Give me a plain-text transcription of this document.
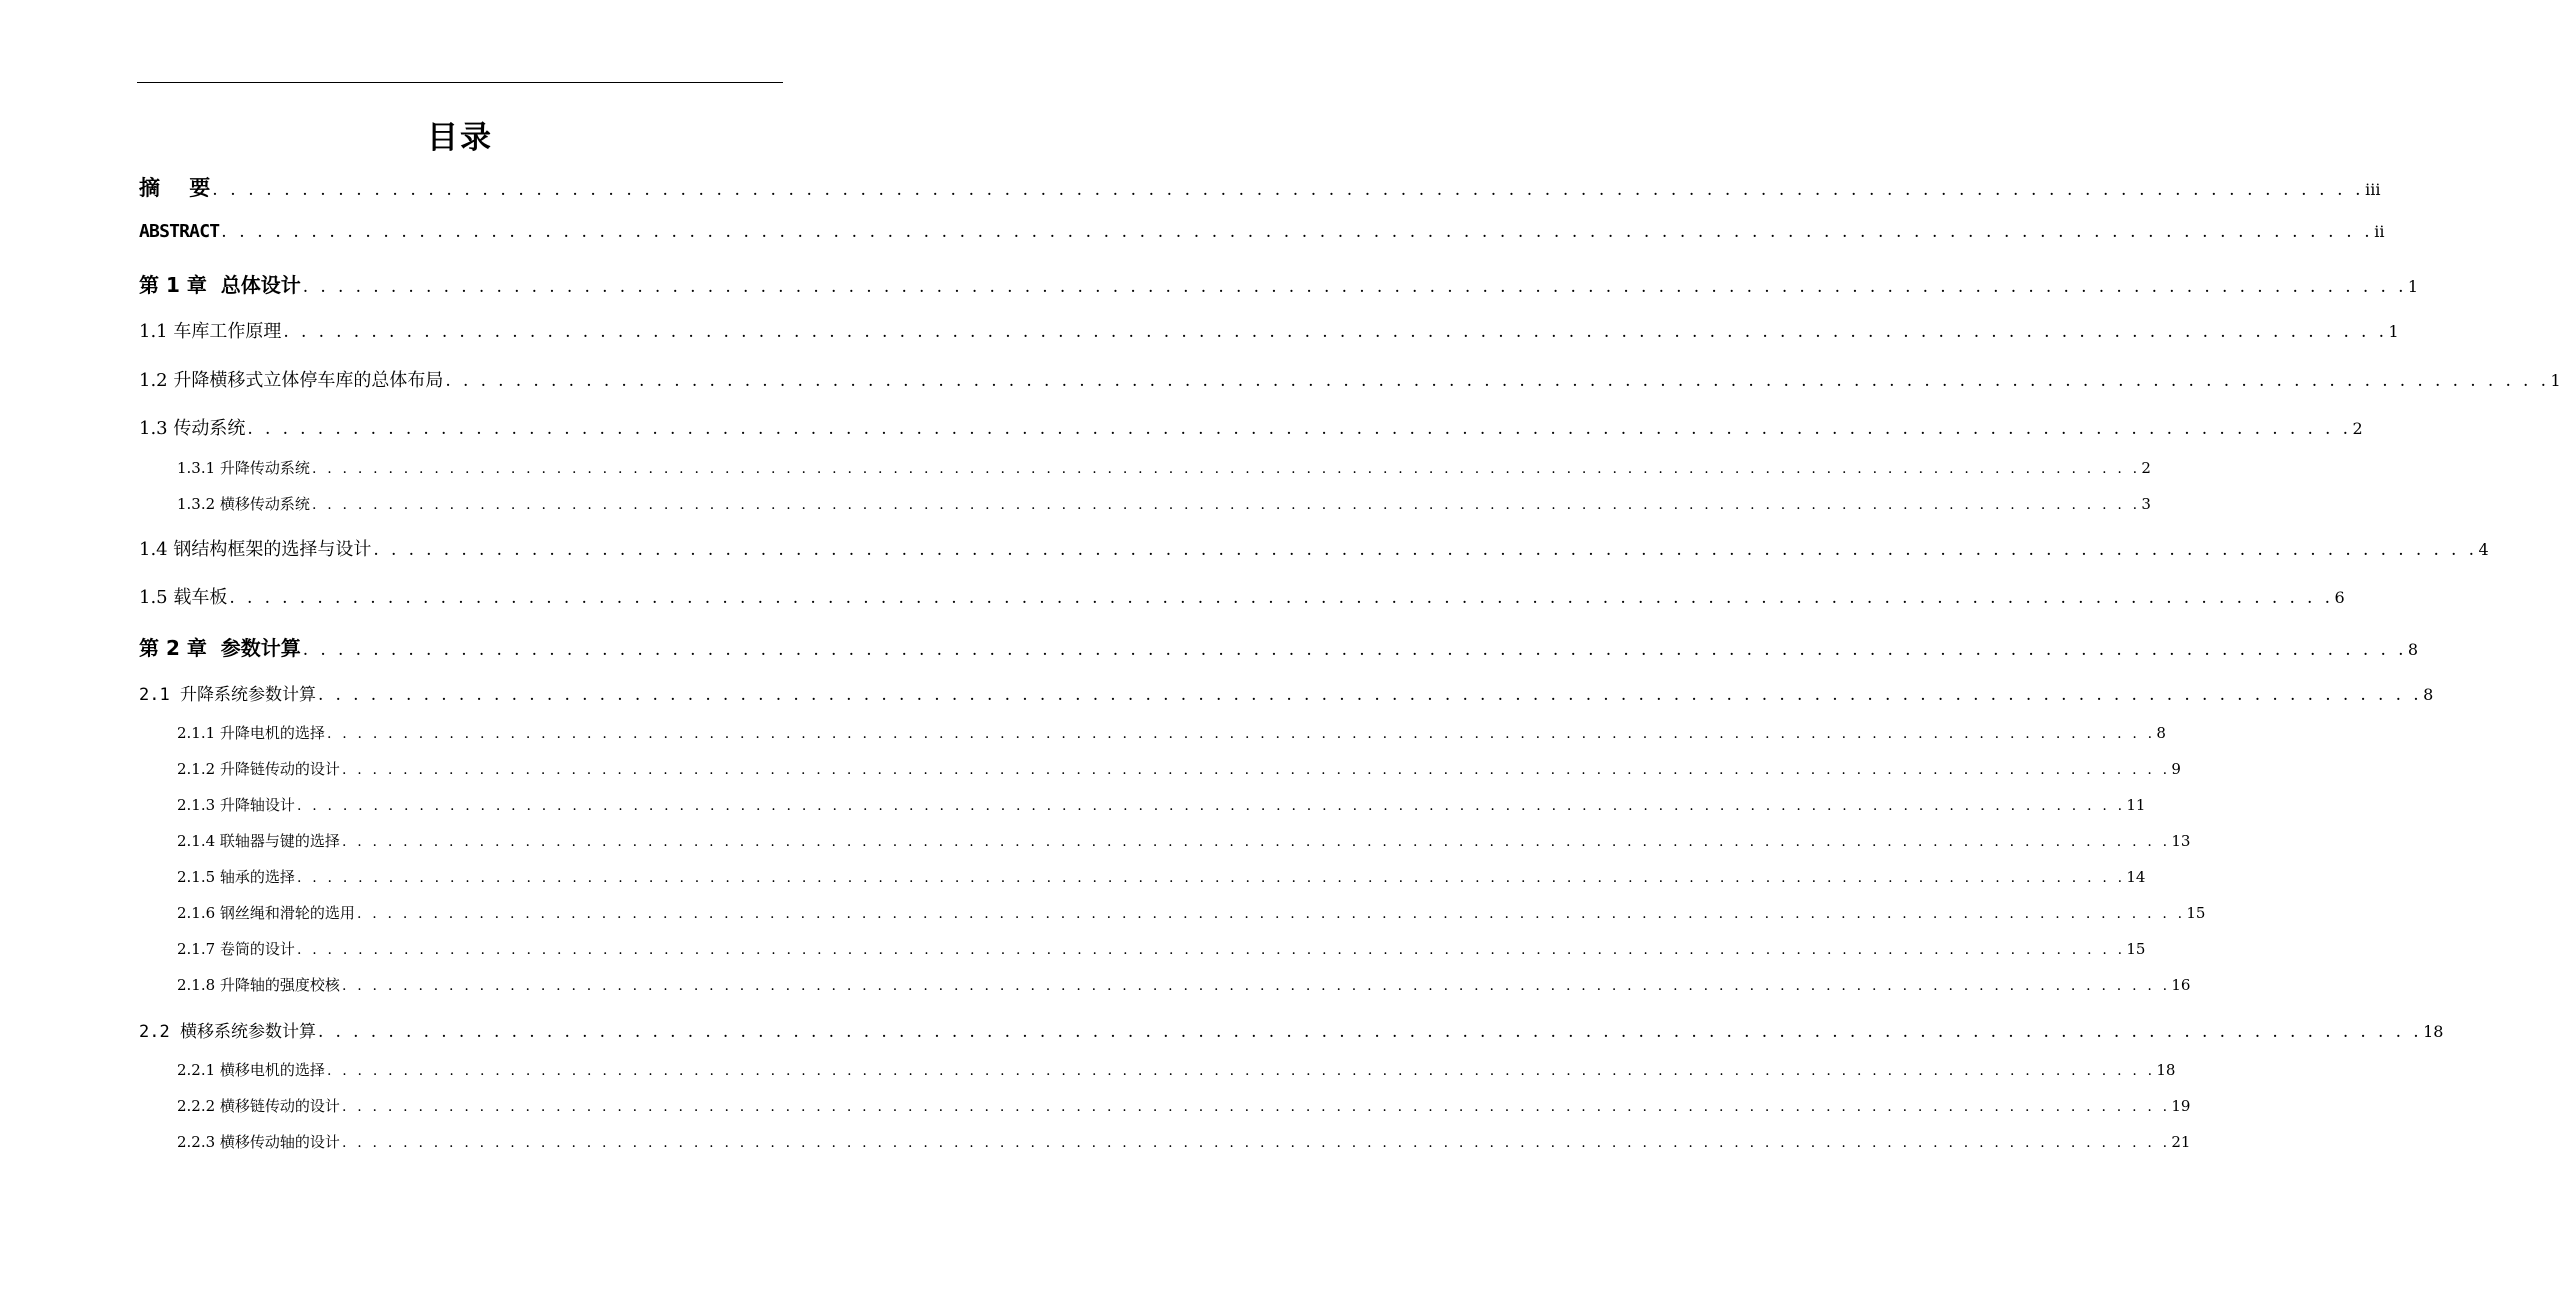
目录
摘    要 . . . . . . . . . . . . . . . . . . . . . . . . . . . . . . . . . . . . . . . . . . . . . . . . . . . . . . . . . . . . . . . . . . . . . . . . . . . . . . . . . . . . . . . . . . . . . . . . . . . . . . . . . . . . . . . . . . . . . . . . iii
ABSTRACT . . . . . . . . . . . . . . . . . . . . . . . . . . . . . . . . . . . . . . . . . . . . . . . . . . . . . . . . . . . . . . . . . . . . . . . . . . . . . . . . . . . . . . . . . . . . . . . . . . . . . . . . . . . . . . . . . . . . . . . . ii
第 1 章  总体设计 . . . . . . . . . . . . . . . . . . . . . . . . . . . . . . . . . . . . . . . . . . . . . . . . . . . . . . . . . . . . . . . . . . . . . . . . . . . . . . . . . . . . . . . . . . . . . . . . . . . . . . . . . . . . . . . . . . . . . . . . 1
1.1 车库工作原理 . . . . . . . . . . . . . . . . . . . . . . . . . . . . . . . . . . . . . . . . . . . . . . . . . . . . . . . . . . . . . . . . . . . . . . . . . . . . . . . . . . . . . . . . . . . . . . . . . . . . . . . . . . . . . . . . . . . . . . . . 1
1.2 升降横移式立体停车库的总体布局 . . . . . . . . . . . . . . . . . . . . . . . . . . . . . . . . . . . . . . . . . . . . . . . . . . . . . . . . . . . . . . . . . . . . . . . . . . . . . . . . . . . . . . . . . . . . . . . . . . . . . . . . . . . . . . . . . . . . . . . . 1
1.3 传动系统 . . . . . . . . . . . . . . . . . . . . . . . . . . . . . . . . . . . . . . . . . . . . . . . . . . . . . . . . . . . . . . . . . . . . . . . . . . . . . . . . . . . . . . . . . . . . . . . . . . . . . . . . . . . . . . . . . . . . . . . . 2
1.3.1 升降传动系统 . . . . . . . . . . . . . . . . . . . . . . . . . . . . . . . . . . . . . . . . . . . . . . . . . . . . . . . . . . . . . . . . . . . . . . . . . . . . . . . . . . . . . . . . . . . . . . . . . . . . . . . . . . . . . . . . . . . . . . . . 2
1.3.2 横移传动系统 . . . . . . . . . . . . . . . . . . . . . . . . . . . . . . . . . . . . . . . . . . . . . . . . . . . . . . . . . . . . . . . . . . . . . . . . . . . . . . . . . . . . . . . . . . . . . . . . . . . . . . . . . . . . . . . . . . . . . . . . 3
1.4 钢结构框架的选择与设计 . . . . . . . . . . . . . . . . . . . . . . . . . . . . . . . . . . . . . . . . . . . . . . . . . . . . . . . . . . . . . . . . . . . . . . . . . . . . . . . . . . . . . . . . . . . . . . . . . . . . . . . . . . . . . . . . . . . . . . . . 4
1.5 载车板 . . . . . . . . . . . . . . . . . . . . . . . . . . . . . . . . . . . . . . . . . . . . . . . . . . . . . . . . . . . . . . . . . . . . . . . . . . . . . . . . . . . . . . . . . . . . . . . . . . . . . . . . . . . . . . . . . . . . . . . . 6
第 2 章  参数计算 . . . . . . . . . . . . . . . . . . . . . . . . . . . . . . . . . . . . . . . . . . . . . . . . . . . . . . . . . . . . . . . . . . . . . . . . . . . . . . . . . . . . . . . . . . . . . . . . . . . . . . . . . . . . . . . . . . . . . . . . 8
2.1 升降系统参数计算 . . . . . . . . . . . . . . . . . . . . . . . . . . . . . . . . . . . . . . . . . . . . . . . . . . . . . . . . . . . . . . . . . . . . . . . . . . . . . . . . . . . . . . . . . . . . . . . . . . . . . . . . . . . . . . . . . . . . . . . . 8
2.1.1 升降电机的选择 . . . . . . . . . . . . . . . . . . . . . . . . . . . . . . . . . . . . . . . . . . . . . . . . . . . . . . . . . . . . . . . . . . . . . . . . . . . . . . . . . . . . . . . . . . . . . . . . . . . . . . . . . . . . . . . . . . . . . . . . 8
2.1.2 升降链传动的设计 . . . . . . . . . . . . . . . . . . . . . . . . . . . . . . . . . . . . . . . . . . . . . . . . . . . . . . . . . . . . . . . . . . . . . . . . . . . . . . . . . . . . . . . . . . . . . . . . . . . . . . . . . . . . . . . . . . . . . . . . 9
2.1.3 升降轴设计 . . . . . . . . . . . . . . . . . . . . . . . . . . . . . . . . . . . . . . . . . . . . . . . . . . . . . . . . . . . . . . . . . . . . . . . . . . . . . . . . . . . . . . . . . . . . . . . . . . . . . . . . . . . . . . . . . . . . . . . . 11
2.1.4 联轴器与键的选择 . . . . . . . . . . . . . . . . . . . . . . . . . . . . . . . . . . . . . . . . . . . . . . . . . . . . . . . . . . . . . . . . . . . . . . . . . . . . . . . . . . . . . . . . . . . . . . . . . . . . . . . . . . . . . . . . . . . . . . . . 13
2.1.5 轴承的选择 . . . . . . . . . . . . . . . . . . . . . . . . . . . . . . . . . . . . . . . . . . . . . . . . . . . . . . . . . . . . . . . . . . . . . . . . . . . . . . . . . . . . . . . . . . . . . . . . . . . . . . . . . . . . . . . . . . . . . . . . 14
2.1.6 钢丝绳和滑轮的选用 . . . . . . . . . . . . . . . . . . . . . . . . . . . . . . . . . . . . . . . . . . . . . . . . . . . . . . . . . . . . . . . . . . . . . . . . . . . . . . . . . . . . . . . . . . . . . . . . . . . . . . . . . . . . . . . . . . . . . . . . 15
2.1.7 卷筒的设计 . . . . . . . . . . . . . . . . . . . . . . . . . . . . . . . . . . . . . . . . . . . . . . . . . . . . . . . . . . . . . . . . . . . . . . . . . . . . . . . . . . . . . . . . . . . . . . . . . . . . . . . . . . . . . . . . . . . . . . . . 15
2.1.8 升降轴的强度校核 . . . . . . . . . . . . . . . . . . . . . . . . . . . . . . . . . . . . . . . . . . . . . . . . . . . . . . . . . . . . . . . . . . . . . . . . . . . . . . . . . . . . . . . . . . . . . . . . . . . . . . . . . . . . . . . . . . . . . . . . 16
2.2 横移系统参数计算 . . . . . . . . . . . . . . . . . . . . . . . . . . . . . . . . . . . . . . . . . . . . . . . . . . . . . . . . . . . . . . . . . . . . . . . . . . . . . . . . . . . . . . . . . . . . . . . . . . . . . . . . . . . . . . . . . . . . . . . . 18
2.2.1 横移电机的选择 . . . . . . . . . . . . . . . . . . . . . . . . . . . . . . . . . . . . . . . . . . . . . . . . . . . . . . . . . . . . . . . . . . . . . . . . . . . . . . . . . . . . . . . . . . . . . . . . . . . . . . . . . . . . . . . . . . . . . . . . 18
2.2.2 横移链传动的设计 . . . . . . . . . . . . . . . . . . . . . . . . . . . . . . . . . . . . . . . . . . . . . . . . . . . . . . . . . . . . . . . . . . . . . . . . . . . . . . . . . . . . . . . . . . . . . . . . . . . . . . . . . . . . . . . . . . . . . . . . 19
2.2.3 横移传动轴的设计 . . . . . . . . . . . . . . . . . . . . . . . . . . . . . . . . . . . . . . . . . . . . . . . . . . . . . . . . . . . . . . . . . . . . . . . . . . . . . . . . . . . . . . . . . . . . . . . . . . . . . . . . . . . . . . . . . . . . . . . . 21
